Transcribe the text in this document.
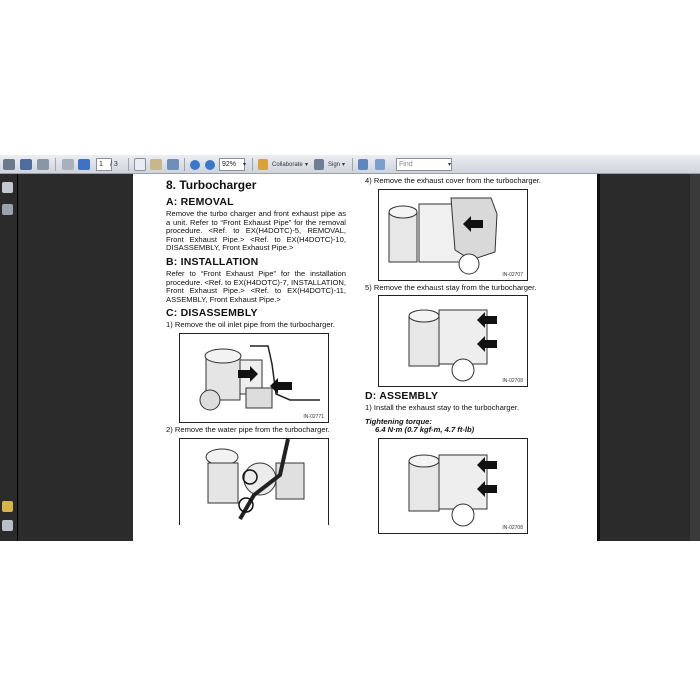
1	/ 3	92%	▾	Collaborate ▾	Sign ▾	Find	▾
8. Turbocharger
A: REMOVAL

Remove the turbo charger and front exhaust pipe as a unit. Refer to “Front Exhaust Pipe” for the removal procedure. <Ref. to EX(H4DOTC)-5, REMOVAL, Front Exhaust Pipe.> <Ref. to EX(H4DOTC)-10, DISASSEMBLY, Front Exhaust Pipe.>

B: INSTALLATION

Refer to “Front Exhaust Pipe” for the installation procedure. <Ref. to EX(H4DOTC)-7, INSTALLATION, Front Exhaust Pipe.> <Ref. to EX(H4DOTC)-11, ASSEMBLY, Front Exhaust Pipe.>

C: DISASSEMBLY

1) Remove the oil inlet pipe from the turbocharger.

IN-02771

2) Remove the water pipe from the turbocharger.

4) Remove the exhaust cover from the turbocharger.

IN-02707

5) Remove the exhaust stay from the turbocharger.

IN-02708
D: ASSEMBLY

1) Install the exhaust stay to the turbocharger.

Tightening torque:
6.4 N·m (0.7 kgf-m, 4.7 ft-lb)
IN-02708
